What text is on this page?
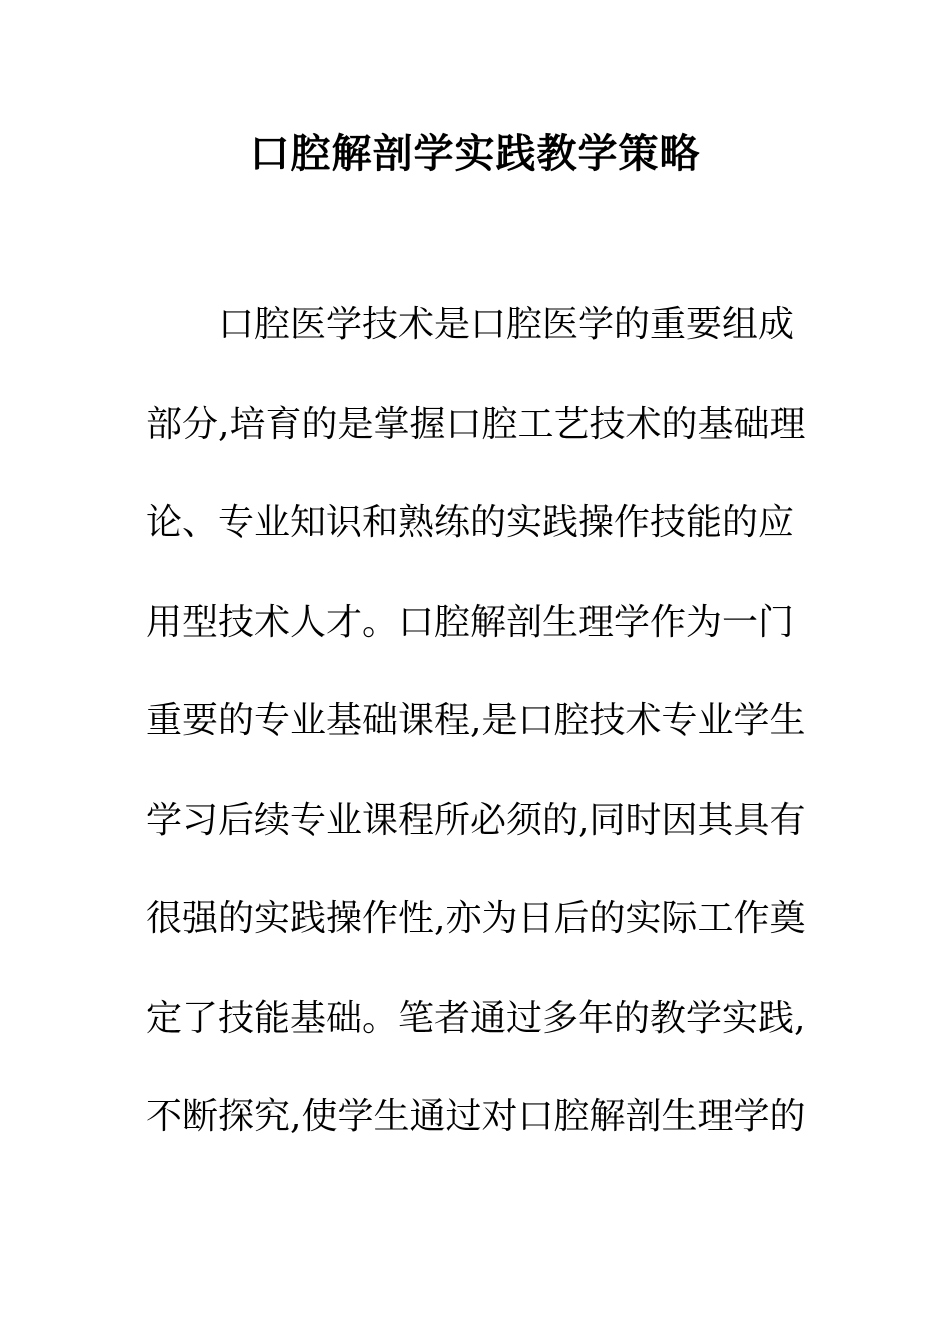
口腔解剖学实践教学策略
口腔医学技术是口腔医学的重要组成
部分,培育的是掌握口腔工艺技术的基础理
论、专业知识和熟练的实践操作技能的应
用型技术人才。口腔解剖生理学作为一门
重要的专业基础课程,是口腔技术专业学生
学习后续专业课程所必须的,同时因其具有
很强的实践操作性,亦为日后的实际工作奠
定了技能基础。笔者通过多年的教学实践,
不断探究,使学生通过对口腔解剖生理学的
